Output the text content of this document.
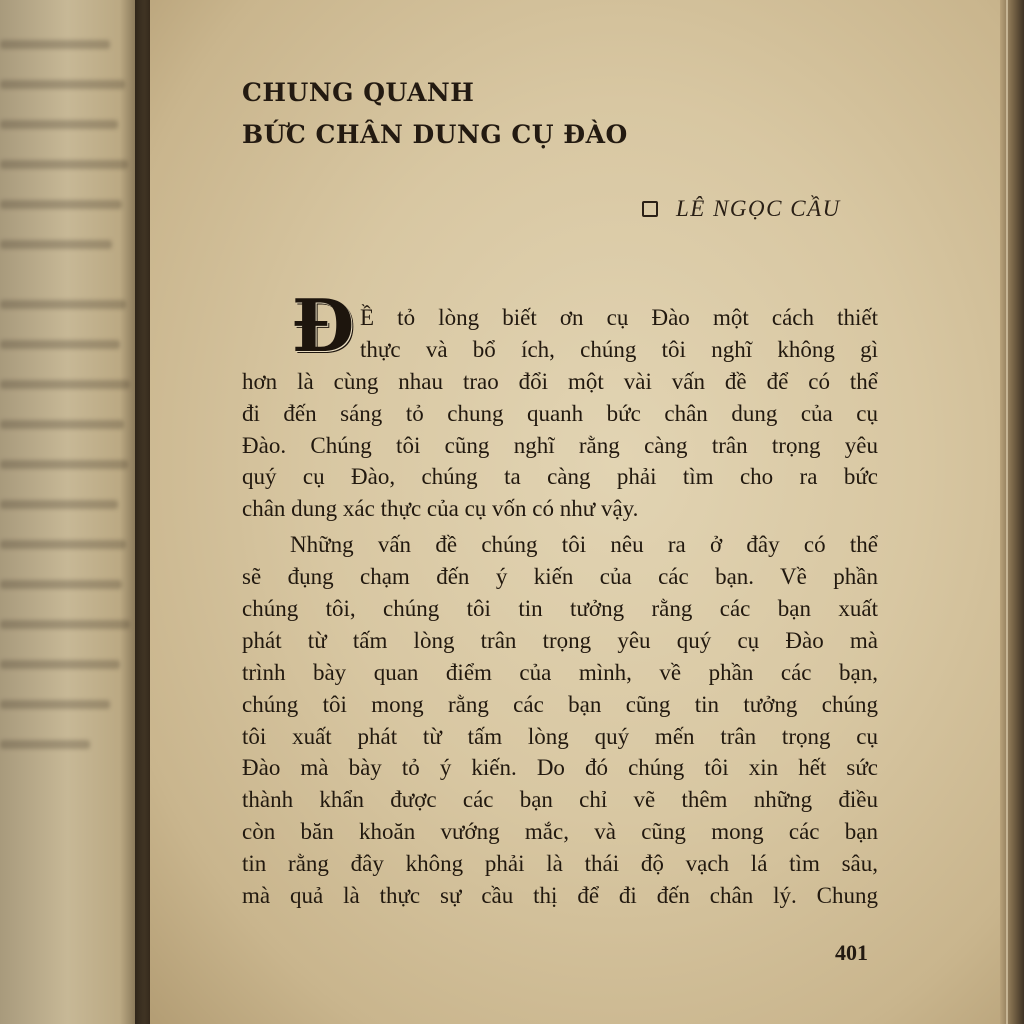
CHUNG QUANH
BỨC CHÂN DUNG CỤ ĐÀO
LÊ NGỌC CẦU
Đ Ề tỏ lòng biết ơn cụ Đào một cách thiết
thực và bổ ích, chúng tôi nghĩ không gì
hơn là cùng nhau trao đổi một vài vấn đề để có thể
đi đến sáng tỏ chung quanh bức chân dung của cụ
Đào. Chúng tôi cũng nghĩ rằng càng trân trọng yêu
quý cụ Đào, chúng ta càng phải tìm cho ra bức
chân dung xác thực của cụ vốn có như vậy.
Những vấn đề chúng tôi nêu ra ở đây có thể
sẽ đụng chạm đến ý kiến của các bạn. Về phần
chúng tôi, chúng tôi tin tưởng rằng các bạn xuất
phát từ tấm lòng trân trọng yêu quý cụ Đào mà
trình bày quan điểm của mình, về phần các bạn,
chúng tôi mong rằng các bạn cũng tin tưởng chúng
tôi xuất phát từ tấm lòng quý mến trân trọng cụ
Đào mà bày tỏ ý kiến. Do đó chúng tôi xin hết sức
thành khẩn được các bạn chỉ vẽ thêm những điều
còn băn khoăn vướng mắc, và cũng mong các bạn
tin rằng đây không phải là thái độ vạch lá tìm sâu,
mà quả là thực sự cầu thị để đi đến chân lý. Chung
401
